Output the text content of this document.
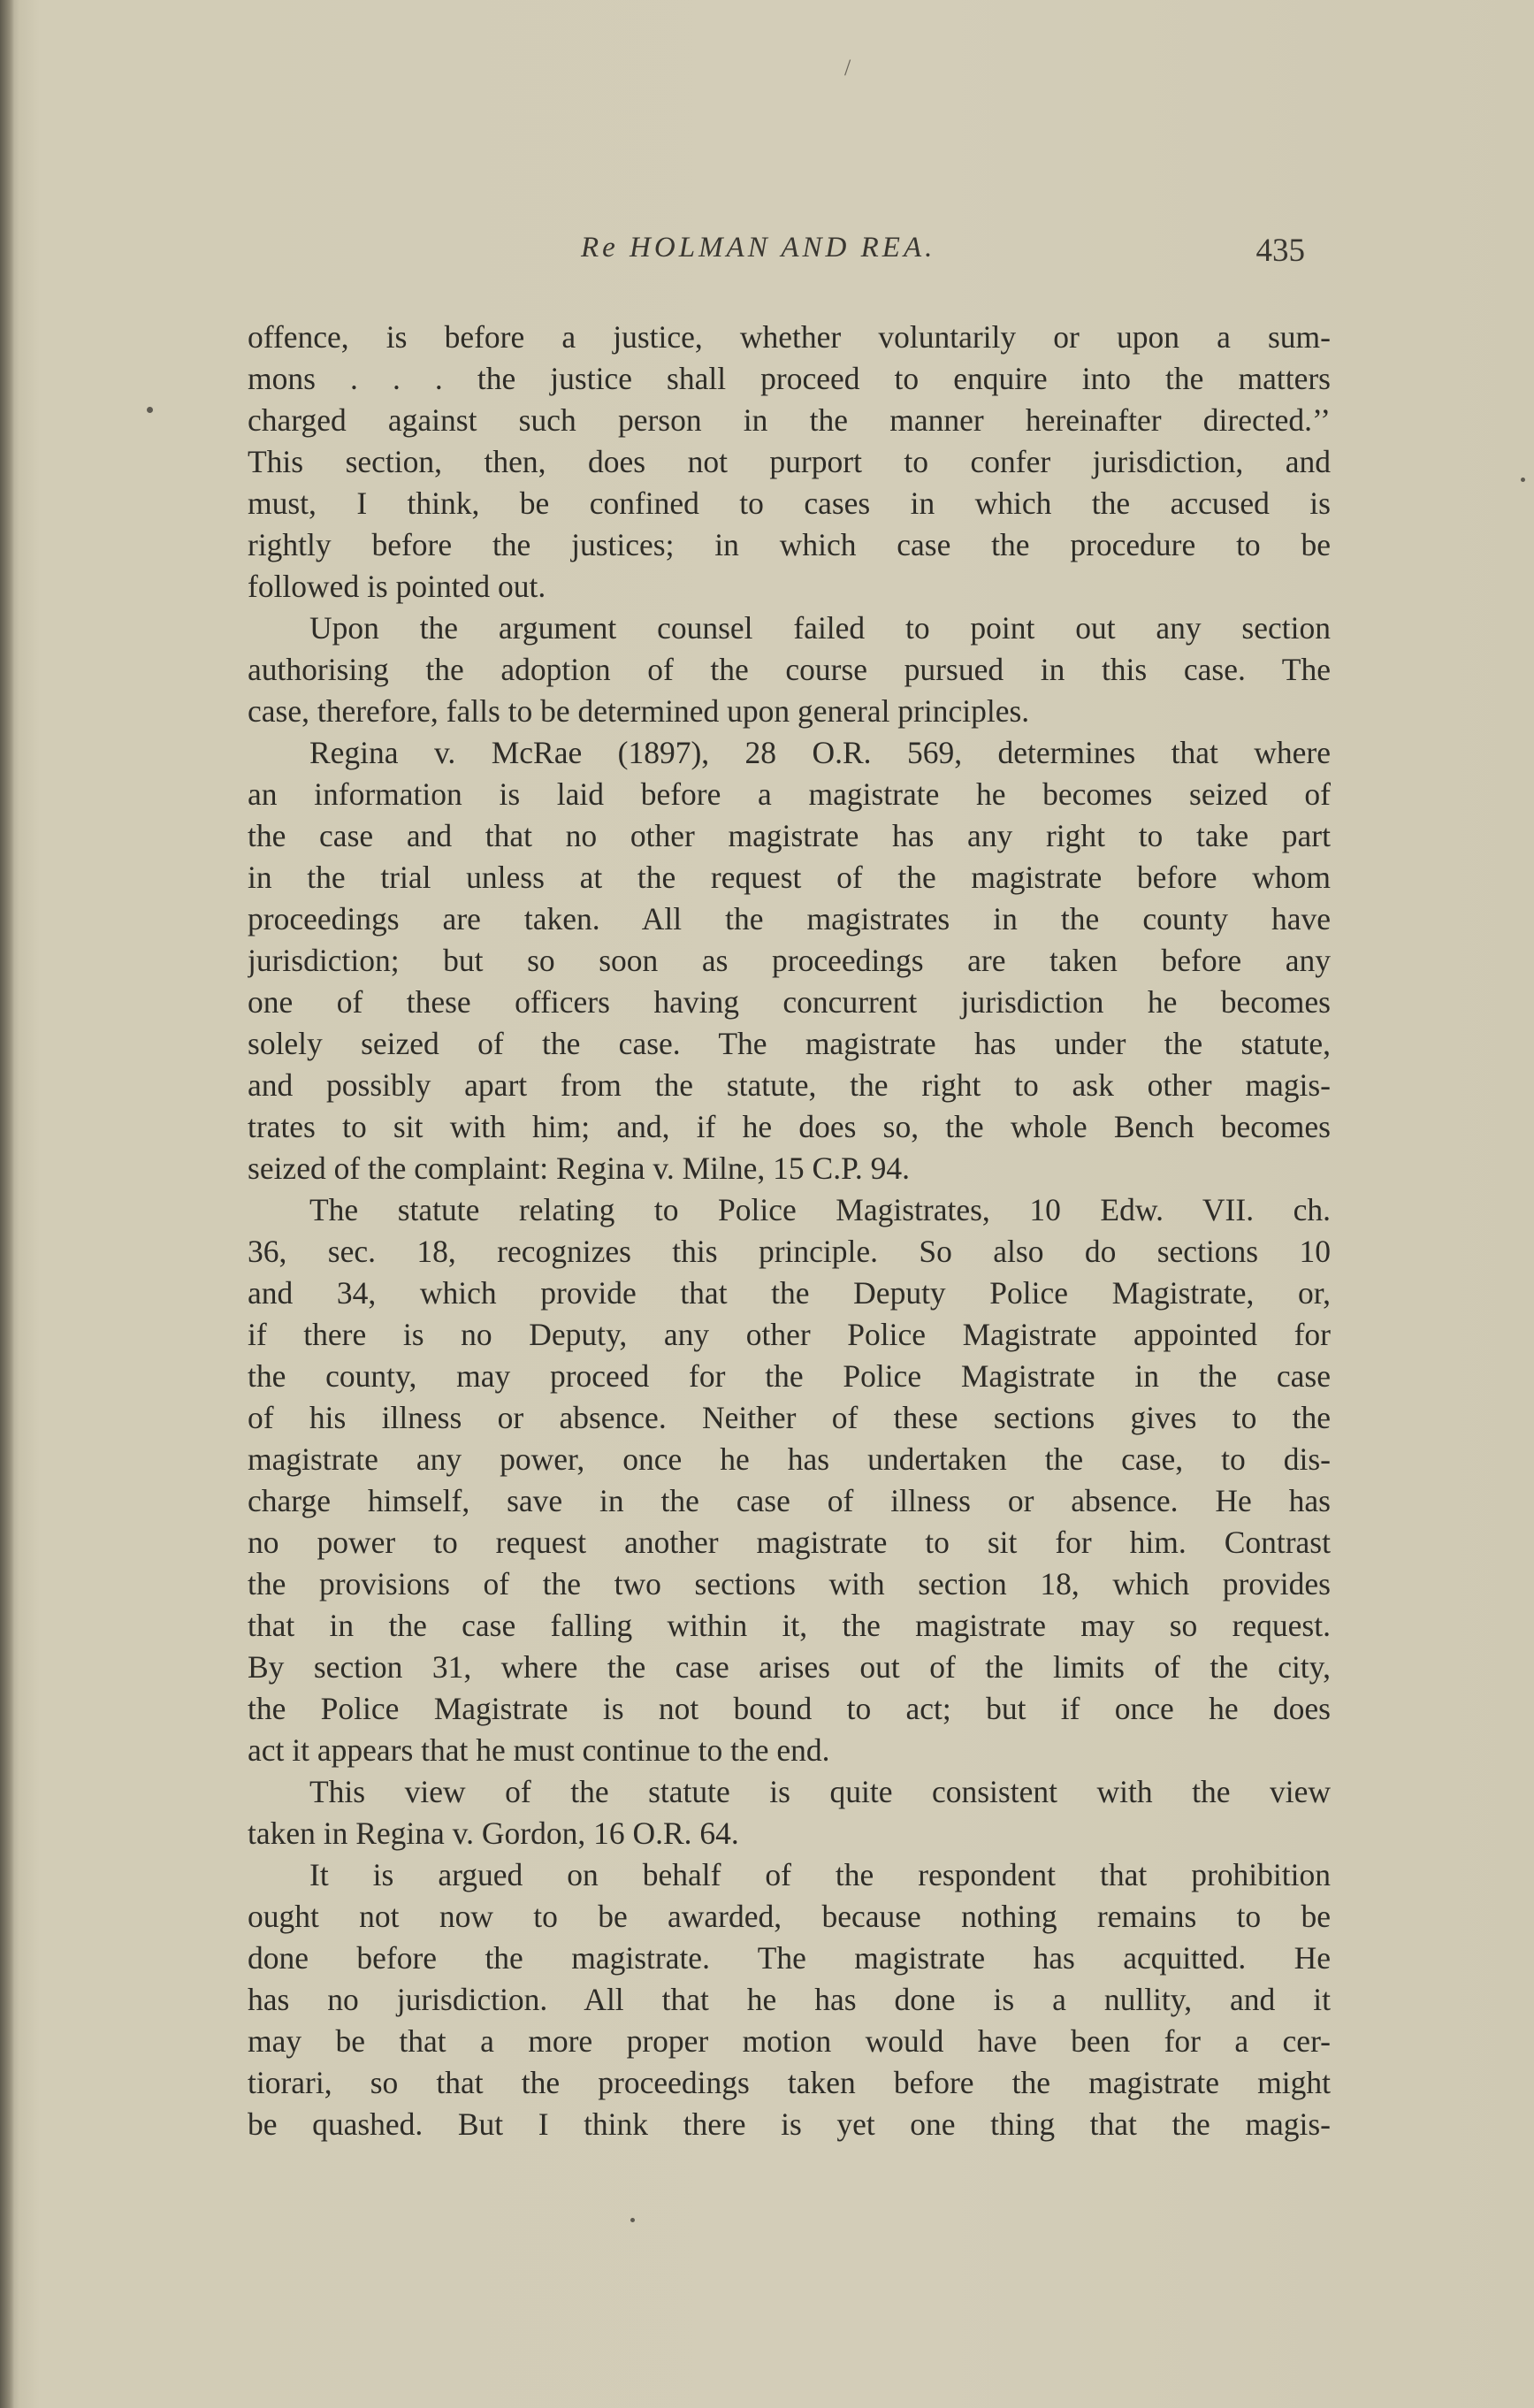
/
Re HOLMAN AND REA.	435
offence, is before a justice, whether voluntarily or upon a sum-
mons . . . the justice shall proceed to enquire into the matters
charged against such person in the manner hereinafter directed.’’
This section, then, does not purport to confer jurisdiction, and
must, I think, be confined to cases in which the accused is
rightly before the justices; in which case the procedure to be
followed is pointed out.
Upon the argument counsel failed to point out any section
authorising the adoption of the course pursued in this case. The
case, therefore, falls to be determined upon general principles.
Regina v. McRae (1897), 28 O.R. 569, determines that where
an information is laid before a magistrate he becomes seized of
the case and that no other magistrate has any right to take part
in the trial unless at the request of the magistrate before whom
proceedings are taken. All the magistrates in the county have
jurisdiction; but so soon as proceedings are taken before any
one of these officers having concurrent jurisdiction he becomes
solely seized of the case. The magistrate has under the statute,
and possibly apart from the statute, the right to ask other magis-
trates to sit with him; and, if he does so, the whole Bench becomes
seized of the complaint: Regina v. Milne, 15 C.P. 94.
The statute relating to Police Magistrates, 10 Edw. VII. ch.
36, sec. 18, recognizes this principle. So also do sections 10
and 34, which provide that the Deputy Police Magistrate, or,
if there is no Deputy, any other Police Magistrate appointed for
the county, may proceed for the Police Magistrate in the case
of his illness or absence. Neither of these sections gives to the
magistrate any power, once he has undertaken the case, to dis-
charge himself, save in the case of illness or absence. He has
no power to request another magistrate to sit for him. Contrast
the provisions of the two sections with section 18, which provides
that in the case falling within it, the magistrate may so request.
By section 31, where the case arises out of the limits of the city,
the Police Magistrate is not bound to act; but if once he does
act it appears that he must continue to the end.
This view of the statute is quite consistent with the view
taken in Regina v. Gordon, 16 O.R. 64.
It is argued on behalf of the respondent that prohibition
ought not now to be awarded, because nothing remains to be
done before the magistrate. The magistrate has acquitted. He
has no jurisdiction. All that he has done is a nullity, and it
may be that a more proper motion would have been for a cer-
tiorari, so that the proceedings taken before the magistrate might
be quashed. But I think there is yet one thing that the magis-
